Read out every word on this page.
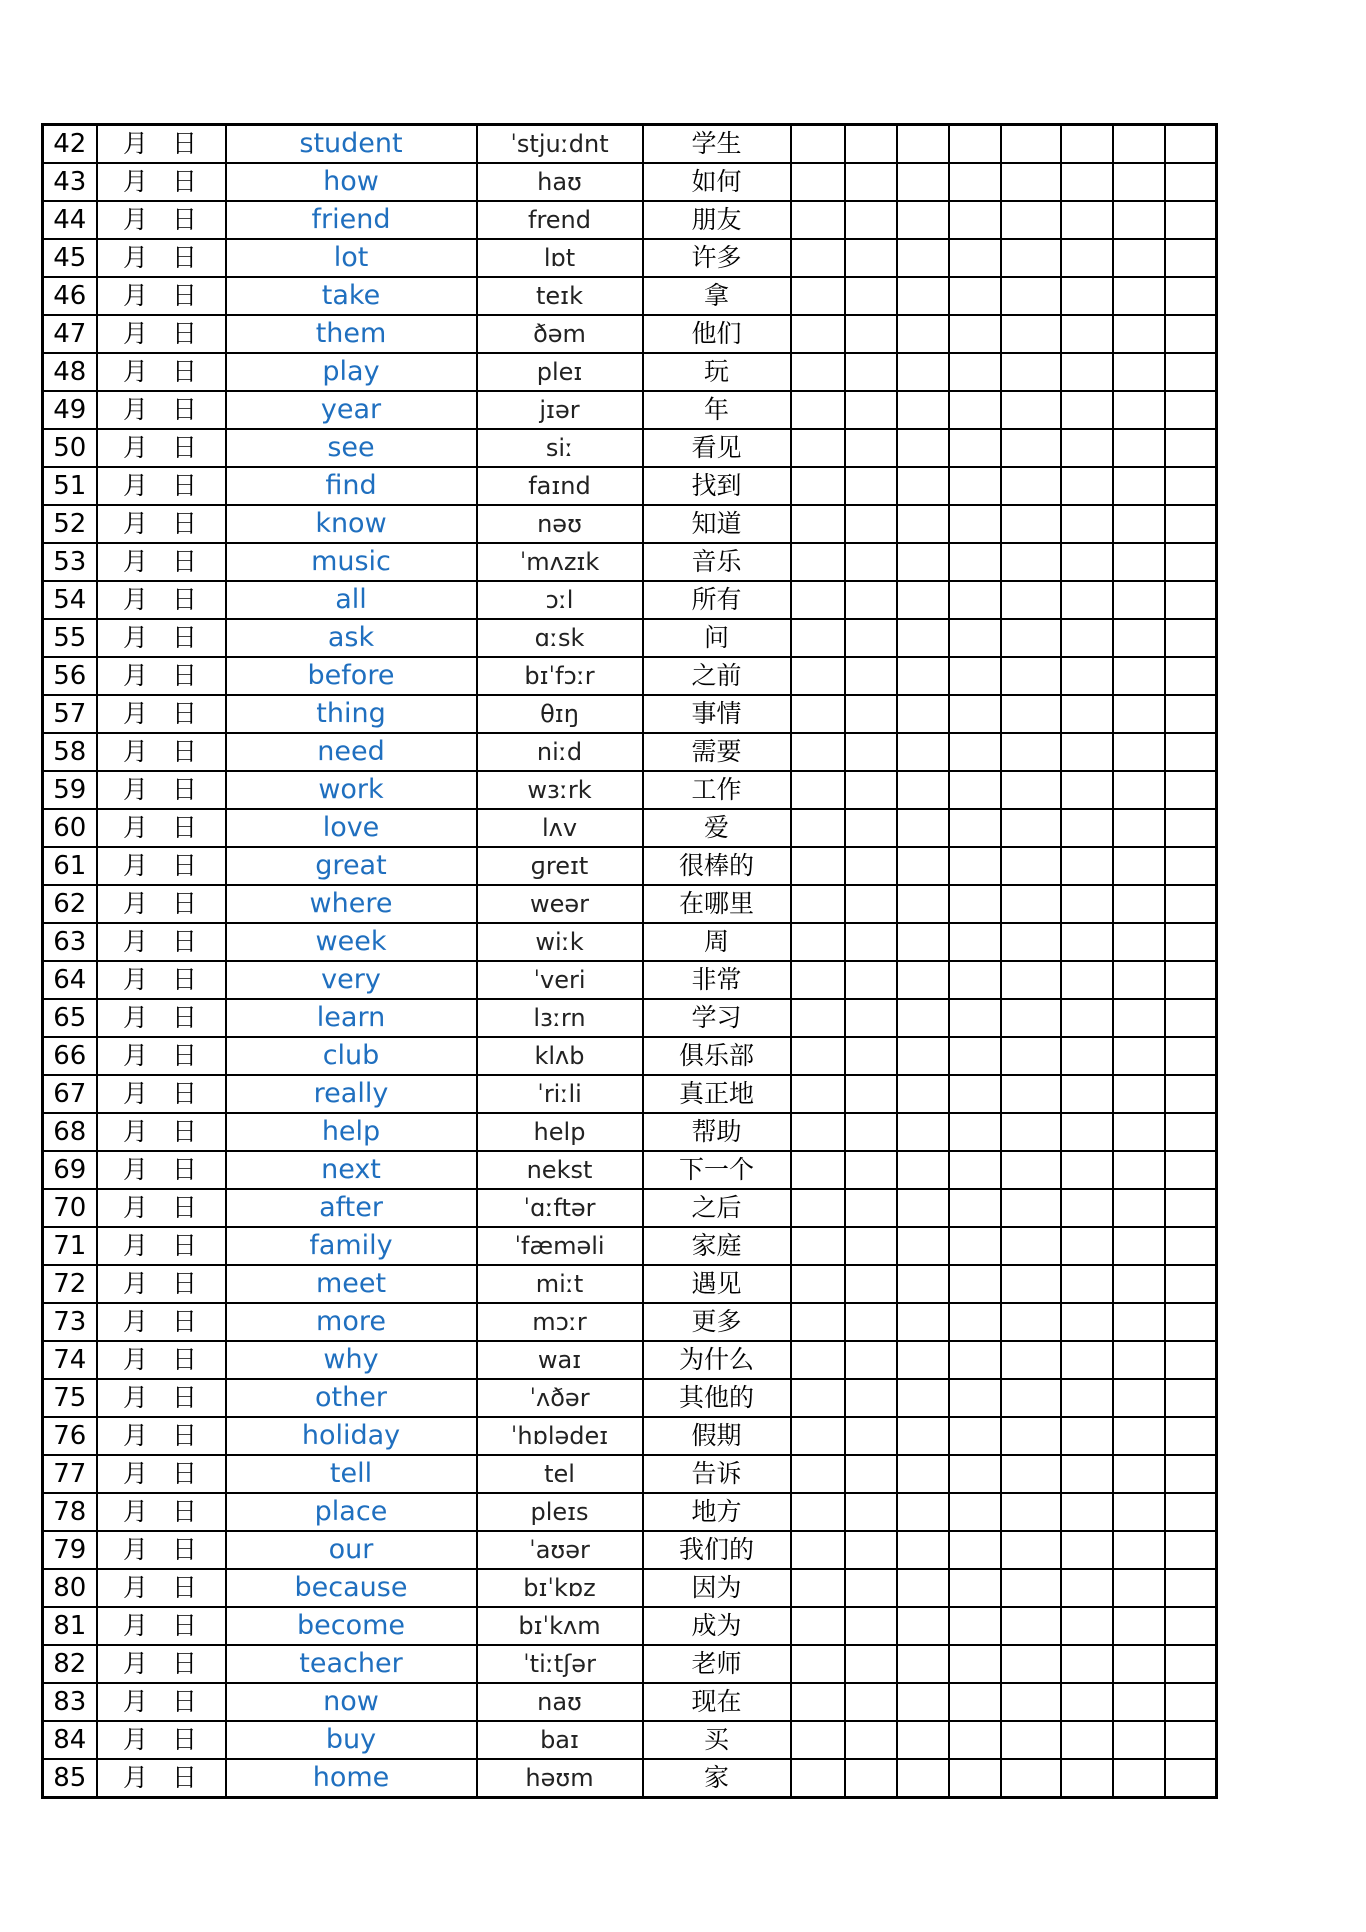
42	月 日	student	ˈstjuːdnt	学生								
43	月 日	how	haʊ	如何								
44	月 日	friend	frend	朋友								
45	月 日	lot	lɒt	许多								
46	月 日	take	teɪk	拿								
47	月 日	them	ðəm	他们								
48	月 日	play	pleɪ	玩								
49	月 日	year	jɪər	年								
50	月 日	see	siː	看见								
51	月 日	find	faɪnd	找到								
52	月 日	know	nəʊ	知道								
53	月 日	music	ˈmʌzɪk	音乐								
54	月 日	all	ɔːl	所有								
55	月 日	ask	ɑːsk	问								
56	月 日	before	bɪˈfɔːr	之前								
57	月 日	thing	θɪŋ	事情								
58	月 日	need	niːd	需要								
59	月 日	work	wɜːrk	工作								
60	月 日	love	lʌv	爱								
61	月 日	great	ɡreɪt	很棒的								
62	月 日	where	weər	在哪里								
63	月 日	week	wiːk	周								
64	月 日	very	ˈveri	非常								
65	月 日	learn	lɜːrn	学习								
66	月 日	club	klʌb	俱乐部								
67	月 日	really	ˈriːli	真正地								
68	月 日	help	help	帮助								
69	月 日	next	nekst	下一个								
70	月 日	after	ˈɑːftər	之后								
71	月 日	family	ˈfæməli	家庭								
72	月 日	meet	miːt	遇见								
73	月 日	more	mɔːr	更多								
74	月 日	why	waɪ	为什么								
75	月 日	other	ˈʌðər	其他的								
76	月 日	holiday	ˈhɒlədeɪ	假期								
77	月 日	tell	tel	告诉								
78	月 日	place	pleɪs	地方								
79	月 日	our	ˈaʊər	我们的								
80	月 日	because	bɪˈkɒz	因为								
81	月 日	become	bɪˈkʌm	成为								
82	月 日	teacher	ˈtiːtʃər	老师								
83	月 日	now	naʊ	现在								
84	月 日	buy	baɪ	买								
85	月 日	home	həʊm	家								
